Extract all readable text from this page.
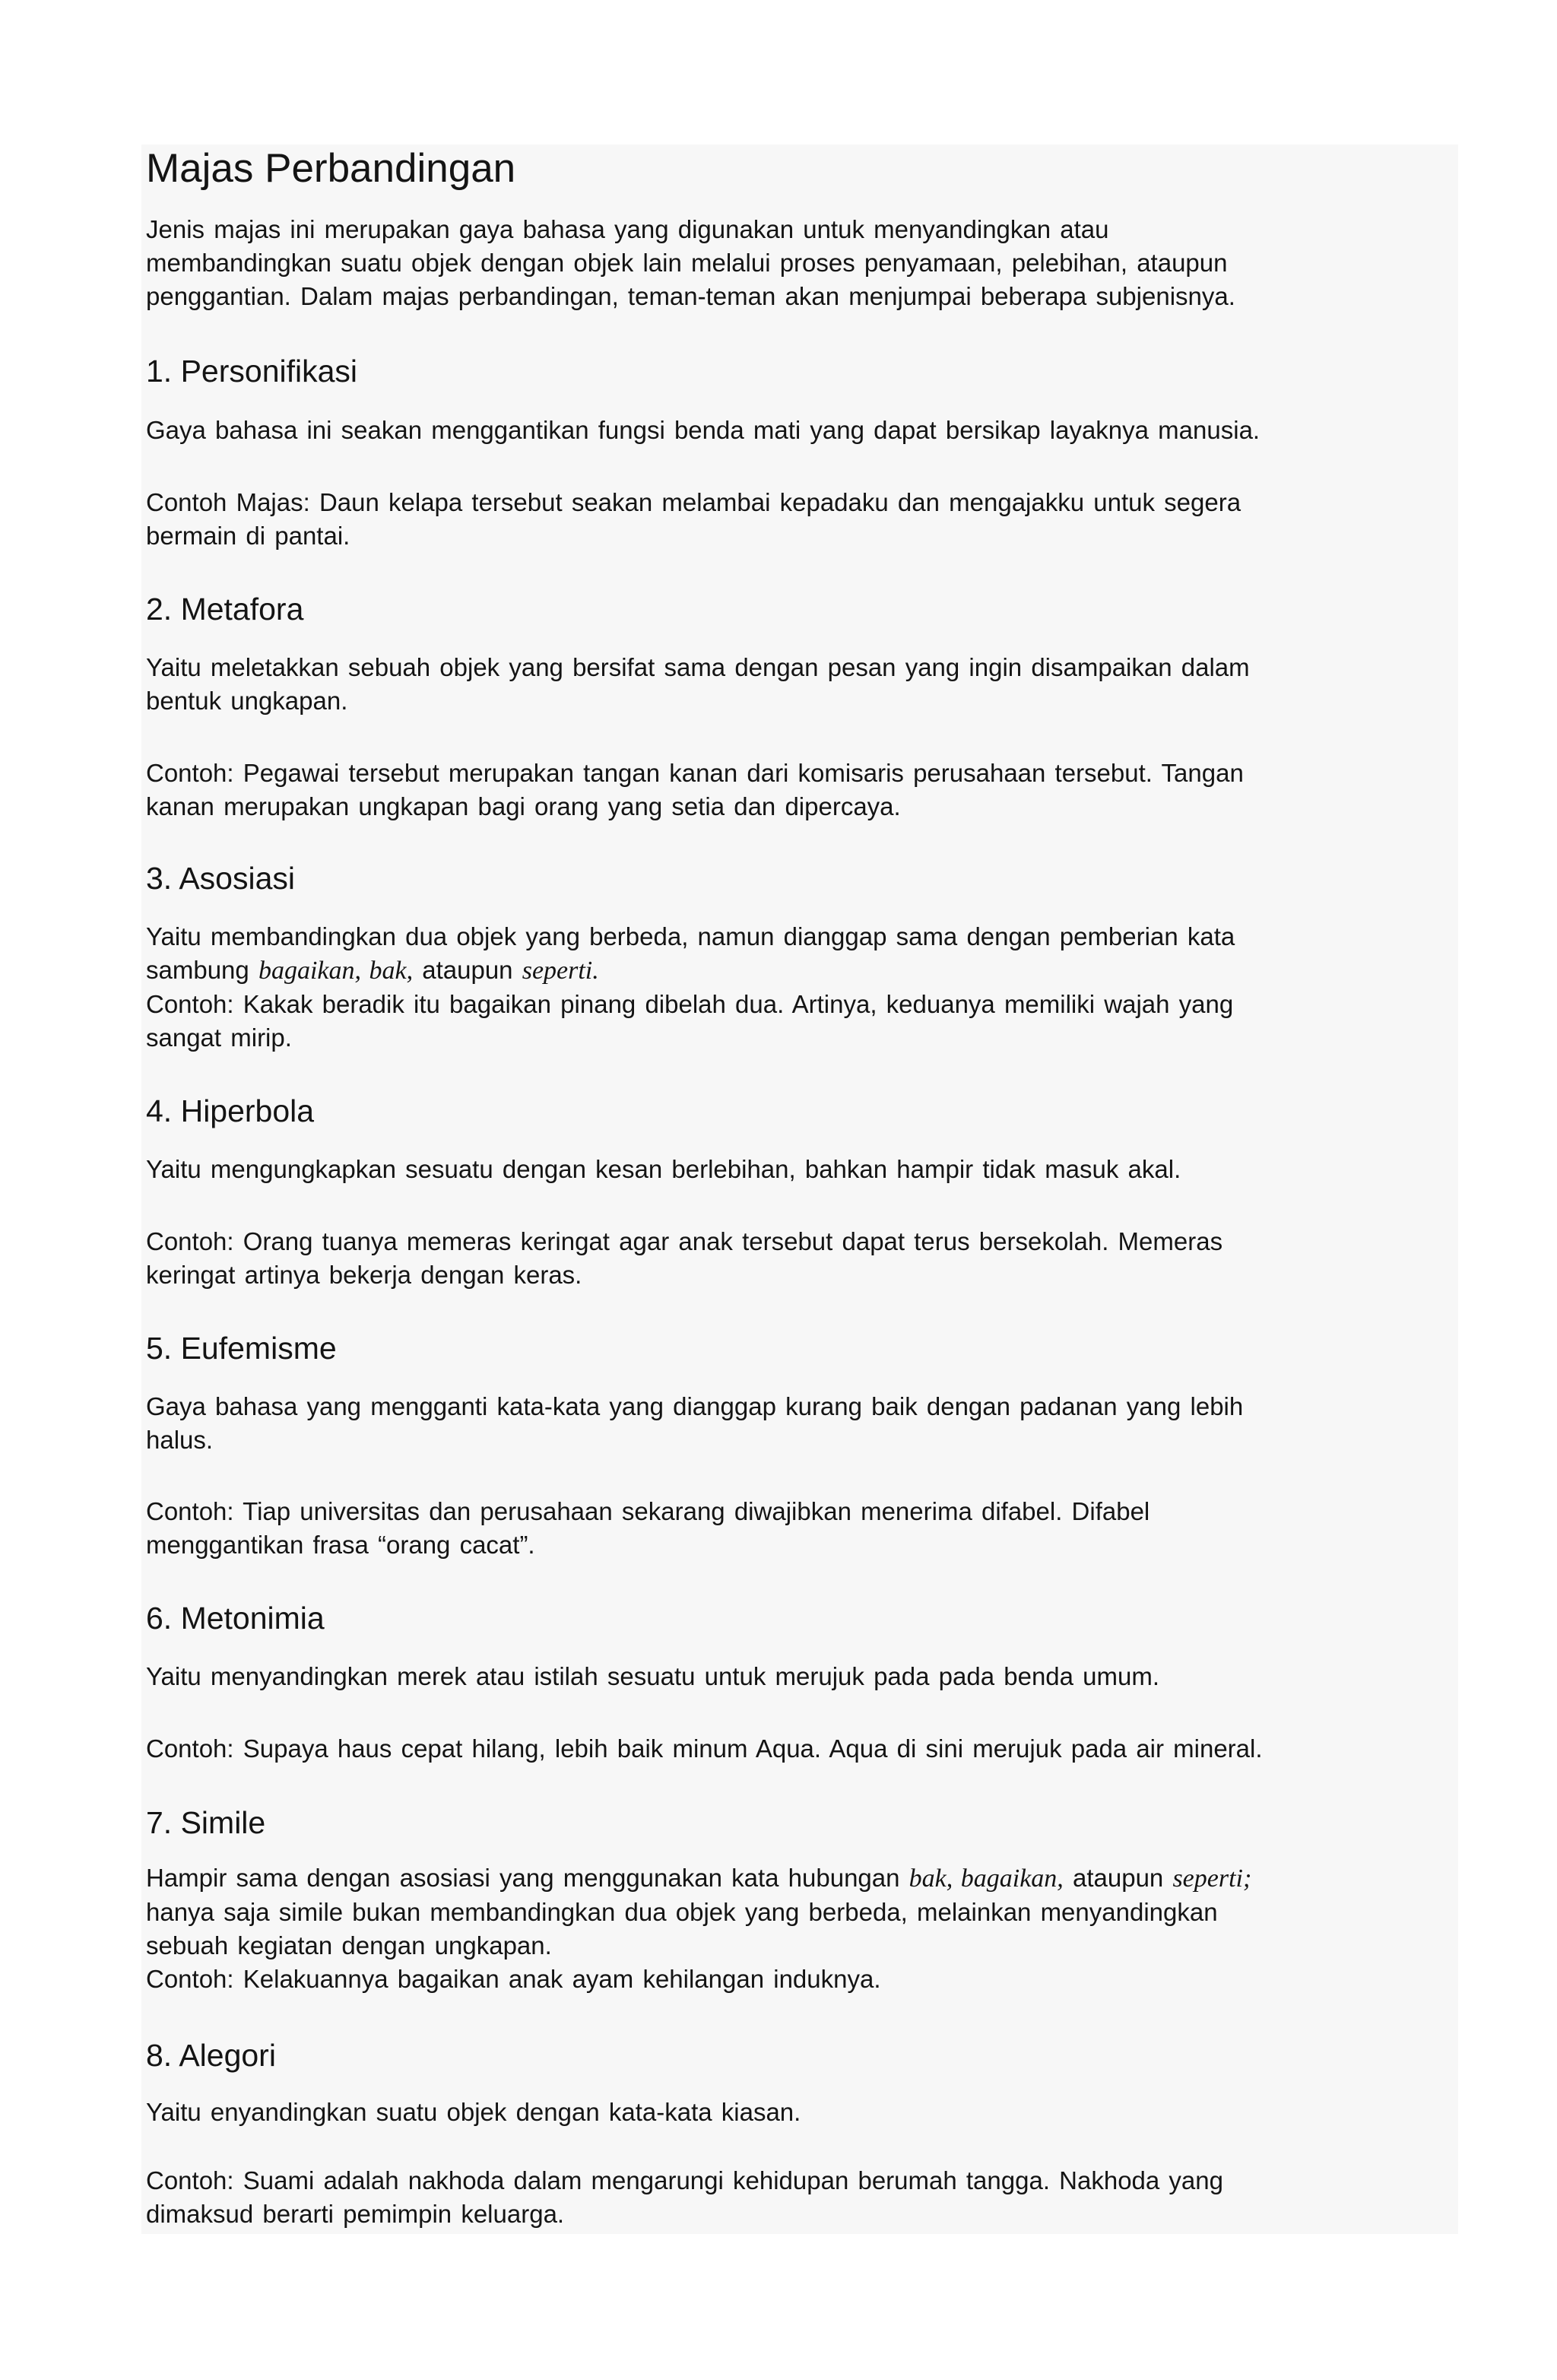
Majas Perbandingan
Jenis majas ini merupakan gaya bahasa yang digunakan untuk menyandingkan atau
membandingkan suatu objek dengan objek lain melalui proses penyamaan, pelebihan, ataupun
penggantian. Dalam majas perbandingan, teman-teman akan menjumpai beberapa subjenisnya.
1. Personifikasi
Gaya bahasa ini seakan menggantikan fungsi benda mati yang dapat bersikap layaknya manusia.
Contoh Majas: Daun kelapa tersebut seakan melambai kepadaku dan mengajakku untuk segera
bermain di pantai.
2. Metafora
Yaitu meletakkan sebuah objek yang bersifat sama dengan pesan yang ingin disampaikan dalam
bentuk ungkapan.
Contoh: Pegawai tersebut merupakan tangan kanan dari komisaris perusahaan tersebut. Tangan
kanan merupakan ungkapan bagi orang yang setia dan dipercaya.
3. Asosiasi
Yaitu membandingkan dua objek yang berbeda, namun dianggap sama dengan pemberian kata
sambung bagaikan, bak, ataupun seperti.
Contoh: Kakak beradik itu bagaikan pinang dibelah dua. Artinya, keduanya memiliki wajah yang
sangat mirip.
4. Hiperbola
Yaitu mengungkapkan sesuatu dengan kesan berlebihan, bahkan hampir tidak masuk akal.
Contoh: Orang tuanya memeras keringat agar anak tersebut dapat terus bersekolah. Memeras
keringat artinya bekerja dengan keras.
5. Eufemisme
Gaya bahasa yang mengganti kata-kata yang dianggap kurang baik dengan padanan yang lebih
halus.
Contoh: Tiap universitas dan perusahaan sekarang diwajibkan menerima difabel. Difabel
menggantikan frasa “orang cacat”.
6. Metonimia
Yaitu menyandingkan merek atau istilah sesuatu untuk merujuk pada pada benda umum.
Contoh: Supaya haus cepat hilang, lebih baik minum Aqua. Aqua di sini merujuk pada air mineral.
7. Simile
Hampir sama dengan asosiasi yang menggunakan kata hubungan bak, bagaikan, ataupun seperti;
hanya saja simile bukan membandingkan dua objek yang berbeda, melainkan menyandingkan
sebuah kegiatan dengan ungkapan.
Contoh: Kelakuannya bagaikan anak ayam kehilangan induknya.
8. Alegori
Yaitu enyandingkan suatu objek dengan kata-kata kiasan.
Contoh: Suami adalah nakhoda dalam mengarungi kehidupan berumah tangga. Nakhoda yang
dimaksud berarti pemimpin keluarga.
